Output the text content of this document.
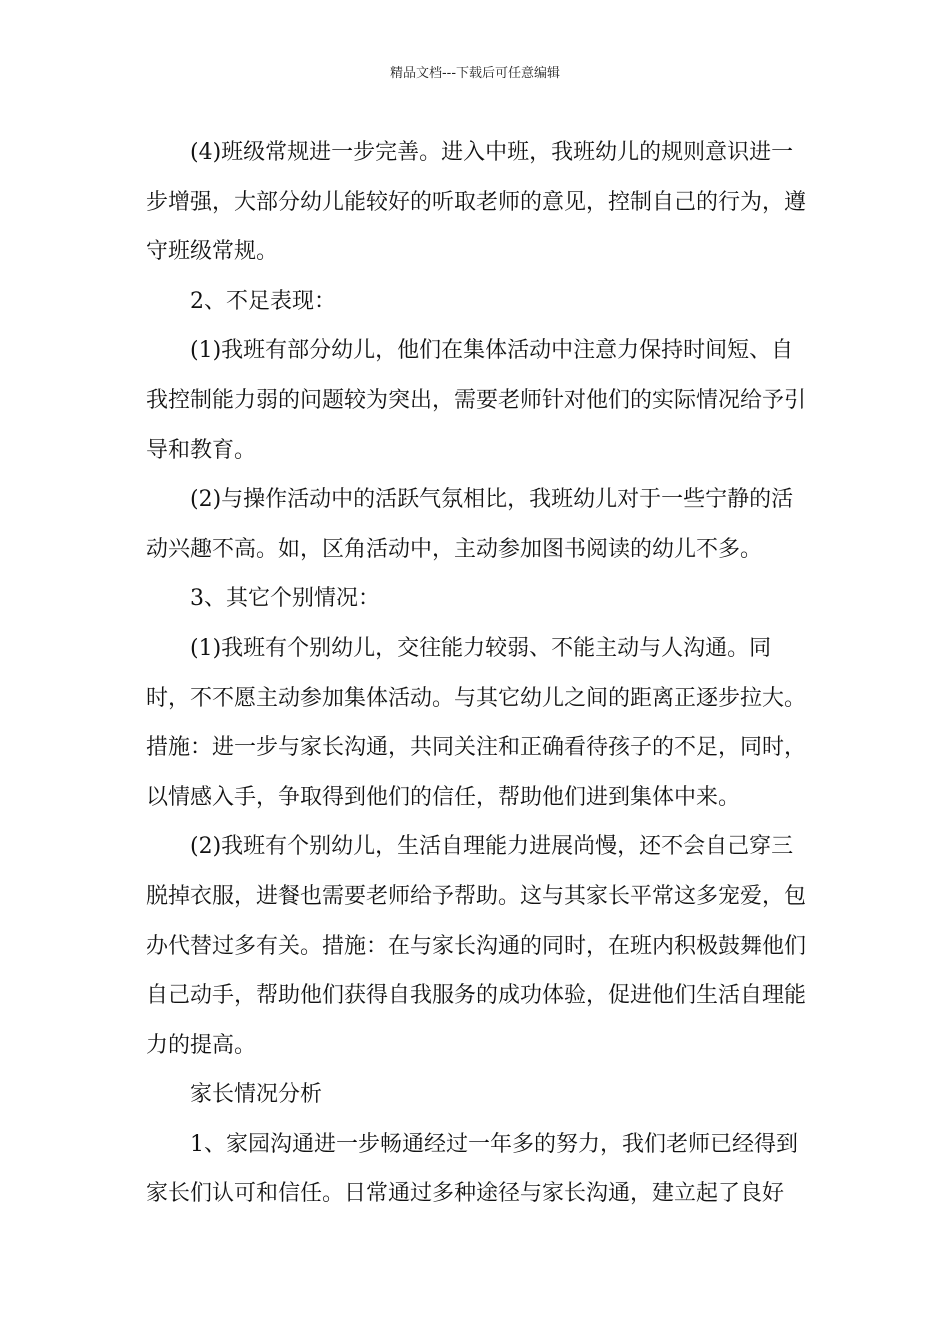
精品文档---下载后可任意编辑

(4)班级常规进一步完善。进入中班，我班幼儿的规则意识进一步增强，大部分幼儿能较好的听取老师的意见，控制自己的行为，遵守班级常规。

2、不足表现：

(1)我班有部分幼儿，他们在集体活动中注意力保持时间短、自我控制能力弱的问题较为突出，需要老师针对他们的实际情况给予引导和教育。

(2)与操作活动中的活跃气氛相比，我班幼儿对于一些宁静的活动兴趣不高。如，区角活动中，主动参加图书阅读的幼儿不多。

3、其它个别情况：

(1)我班有个别幼儿，交往能力较弱、不能主动与人沟通。同时，不不愿主动参加集体活动。与其它幼儿之间的距离正逐步拉大。措施：进一步与家长沟通，共同关注和正确看待孩子的不足，同时，以情感入手，争取得到他们的信任，帮助他们进到集体中来。

(2)我班有个别幼儿，生活自理能力进展尚慢，还不会自己穿三脱掉衣服，进餐也需要老师给予帮助。这与其家长平常这多宠爱，包办代替过多有关。措施：在与家长沟通的同时，在班内积极鼓舞他们自己动手，帮助他们获得自我服务的成功体验，促进他们生活自理能力的提高。

家长情况分析

1、家园沟通进一步畅通经过一年多的努力，我们老师已经得到家长们认可和信任。日常通过多种途径与家长沟通，建立起了良好
